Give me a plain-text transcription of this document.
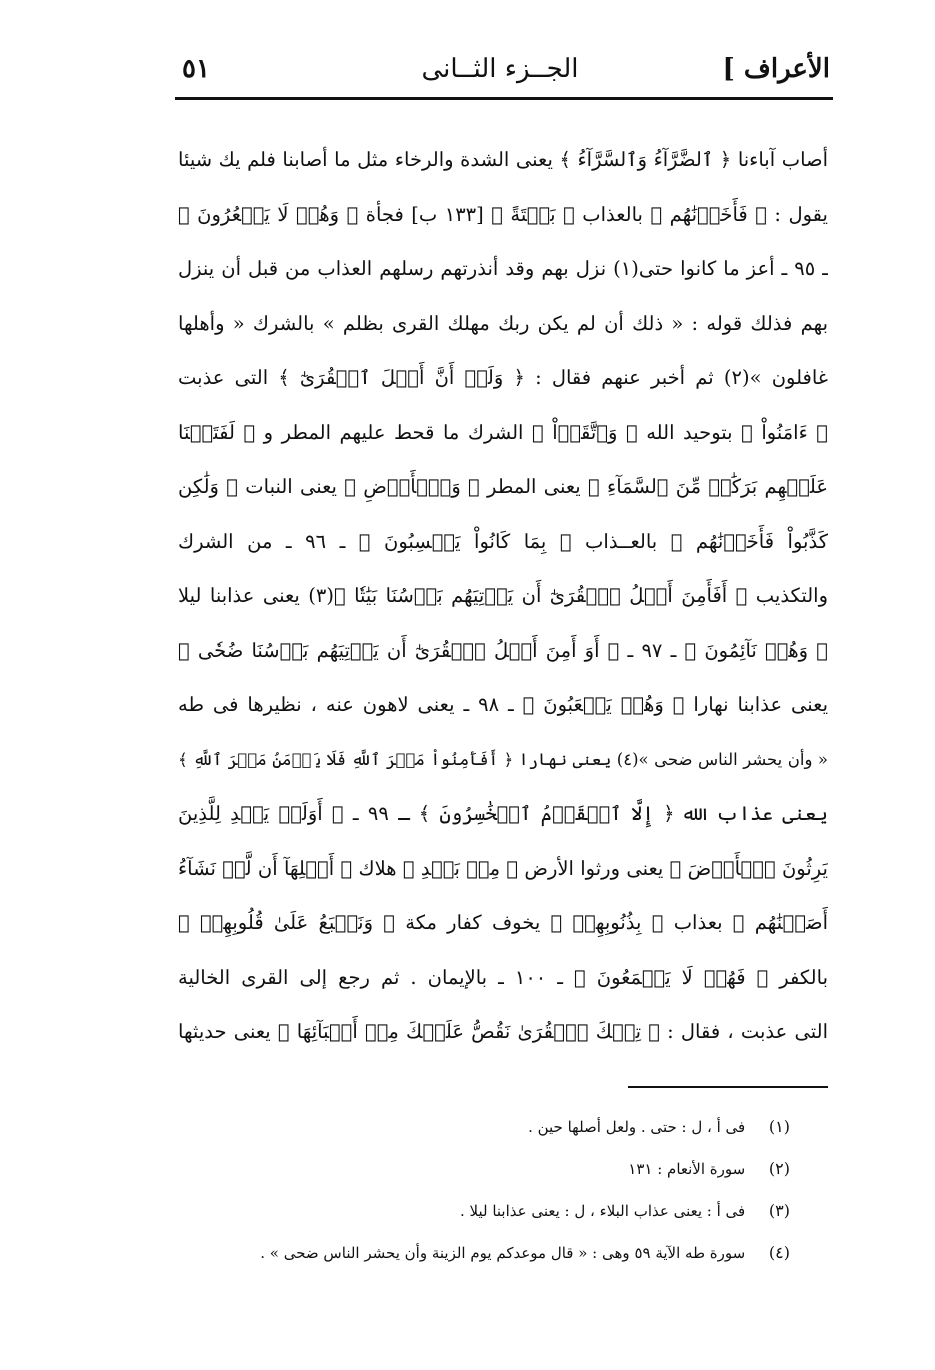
الأعراف ]
الجــزء الثــانى
٥١
أصاب آباءنا ﴿ ٱلضَّرَّآءُ وَٱلسَّرَّآءُ ﴾ يعنى الشدة والرخاء مثل ما أصابنا فلم يك شيئا
يقول : ﴿ فَأَخَذۡنَٰهُم ﴾ بالعذاب ﴿ بَغۡتَةً ﴾ [١٣٣ ب] فجأة ﴿ وَهُمۡ لَا يَشۡعُرُونَ ﴾
ـ ٩٥ ـ أعز ما كانوا حتى(١) نزل بهم وقد أنذرتهم رسلهم العذاب من قبل أن ينزل
بهم فذلك قوله : « ذلك أن لم يكن ربك مهلك القرى بظلم » بالشرك « وأهلها
غافلون »(٢) ثم أخبر عنهم فقال : ﴿ وَلَوۡ أَنَّ أَهۡلَ ٱلۡقُرَىٰٓ ﴾ التى عذبت
﴿ ءَامَنُواْ ﴾ بتوحيد الله ﴿ وَٱتَّقَوۡاْ ﴾ الشرك ما قحط عليهم المطر و ﴿ لَفَتَحۡنَا
عَلَيۡهِم بَرَكَٰتٖ مِّنَ ٱلسَّمَآءِ ﴾ يعنى المطر ﴿ وَٱلۡأَرۡضِ ﴾ يعنى النبات ﴿ وَلَٰكِن
كَذَّبُواْ فَأَخَذۡنَٰهُم ﴾ بالعــذاب ﴿ بِمَا كَانُواْ يَكۡسِبُونَ ﴾ ـ ٩٦ ـ من الشرك
والتكذيب ﴿ أَفَأَمِنَ أَهۡلُ ٱلۡقُرَىٰٓ أَن يَأۡتِيَهُم بَأۡسُنَا بَيَٰتٗا ﴾(٣) يعنى عذابنا ليلا
﴿ وَهُمۡ نَآئِمُونَ ﴾ ـ ٩٧ ـ ﴿ أَوَ أَمِنَ أَهۡلُ ٱلۡقُرَىٰٓ أَن يَأۡتِيَهُم بَأۡسُنَا ضُحٗى ﴾
يعنى عذابنا نهارا ﴿ وَهُمۡ يَلۡعَبُونَ ﴾ ـ ٩٨ ـ يعنى لاهون عنه ، نظيرها فى طه
« وأن يحشر الناس ضحى »(٤) يعنى نهارا ﴿ أَفَأَمِنُواْ مَكۡرَ ٱللَّهِ فَلَا يَأۡمَنُ مَكۡرَ ٱللَّهِ ﴾
يعنى عذاب الله ﴿ إِلَّا ٱلۡقَوۡمُ ٱلۡخَٰسِرُونَ ﴾ ـ ٩٩ ـ ﴿ أَوَلَمۡ يَهۡدِ لِلَّذِينَ
يَرِثُونَ ٱلۡأَرۡضَ ﴾ يعنى ورثوا الأرض ﴿ مِنۢ بَعۡدِ ﴾ هلاك ﴿ أَهۡلِهَآ أَن لَّوۡ نَشَآءُ
أَصَبۡنَٰهُم ﴾ بعذاب ﴿ بِذُنُوبِهِمۡ ﴾ يخوف كفار مكة ﴿ وَنَطۡبَعُ عَلَىٰ قُلُوبِهِمۡ ﴾
بالكفر ﴿ فَهُمۡ لَا يَسۡمَعُونَ ﴾ ـ ١٠٠ ـ بالإيمان . ثم رجع إلى القرى الخالية
التى عذبت ، فقال : ﴿ تِلۡكَ ٱلۡقُرَىٰ نَقُصُّ عَلَيۡكَ مِنۡ أَنۢبَآئِهَا ﴾ يعنى حديثها
(١) فى أ ، ل : حتى . ولعل أصلها حين .
(٢) سورة الأنعام : ١٣١
(٣) فى أ : يعنى عذاب البلاء ، ل : يعنى عذابنا ليلا .
(٤) سورة طه الآية ٥٩ وهى : « قال موعدكم يوم الزينة وأن يحشر الناس ضحى » .
